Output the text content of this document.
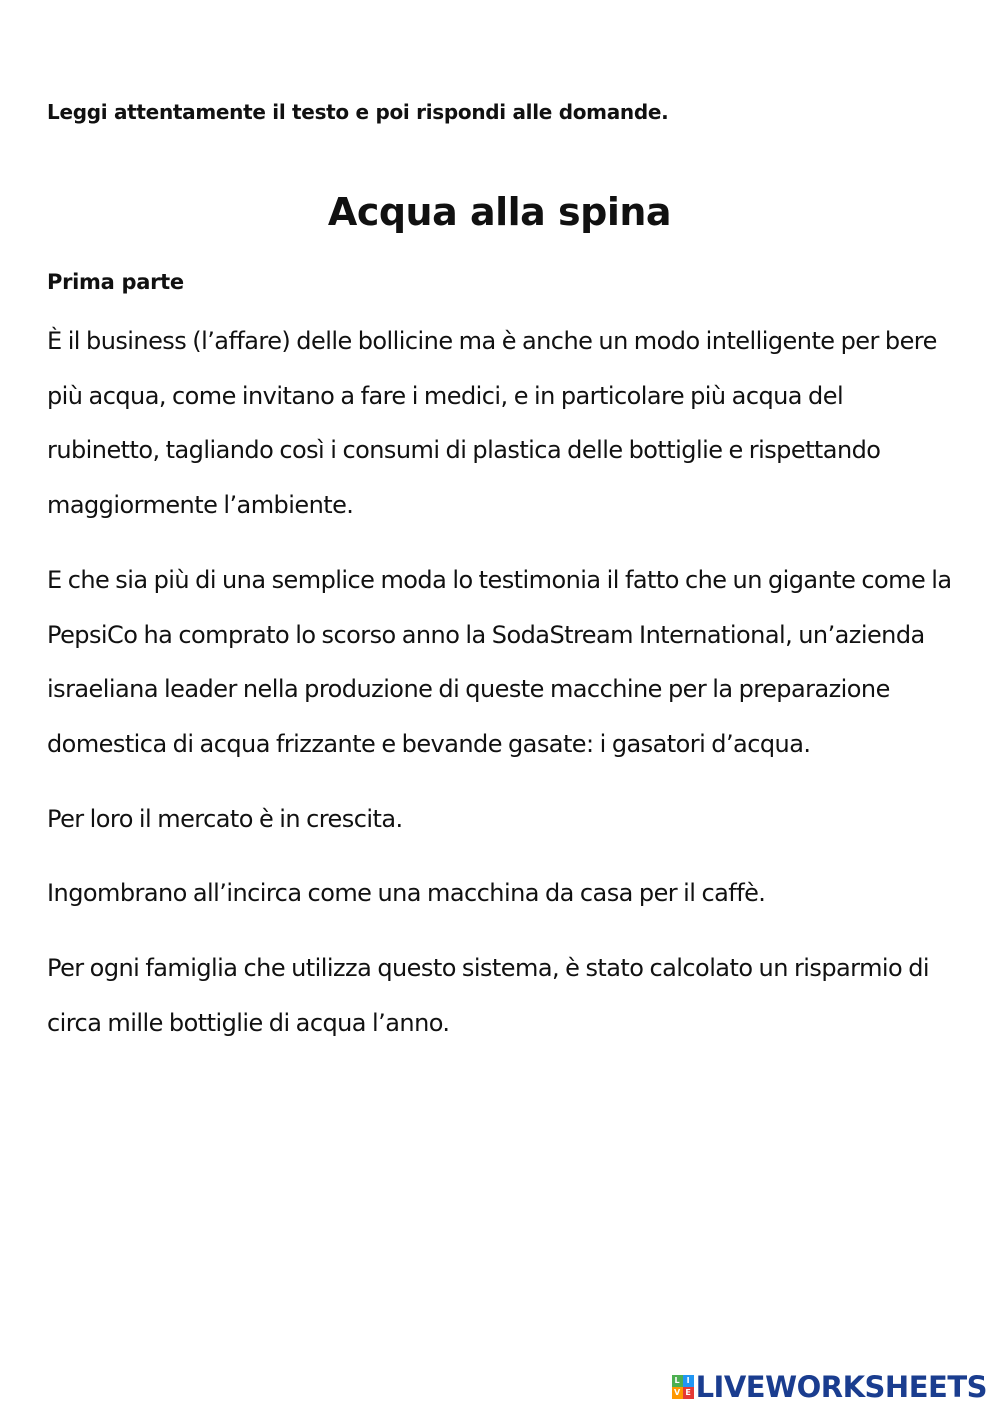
Leggi attentamente il testo e poi rispondi alle domande.
Acqua alla spina
Prima parte

È il business (l’affare) delle bollicine ma è anche un modo intelligente per bere più acqua, come invitano a fare i medici, e in particolare più acqua del rubinetto, tagliando così i consumi di plastica delle bottiglie e rispettando maggiormente l’ambiente.

E che sia più di una semplice moda lo testimonia il fatto che un gigante come la PepsiCo ha comprato lo scorso anno la SodaStream International, un’azienda israeliana leader nella produzione di queste macchine per la preparazione domestica di acqua frizzante e bevande gasate: i gasatori d’acqua.

Per loro il mercato è in crescita.

Ingombrano all’incirca come una macchina da casa per il caffè.

Per ogni famiglia che utilizza questo sistema, è stato calcolato un risparmio di circa mille bottiglie di acqua l’anno.

L I
V E LIVEWORKSHEETS
